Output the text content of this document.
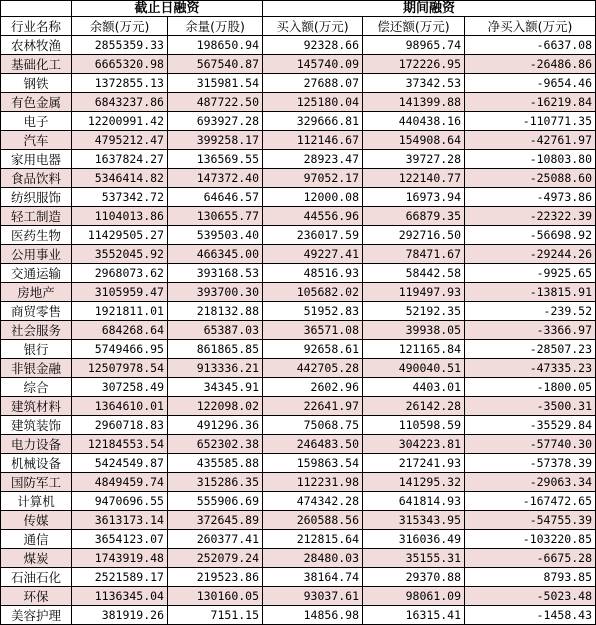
	截止日融资		期间融资		
行业名称	余额(万元)	余量(万股)	买入额(万元)	偿还额(万元)	净买入额(万元)
农林牧渔	2855359.33	198650.94	92328.66	98965.74	-6637.08
基础化工	6665320.98	567540.87	145740.09	172226.95	-26486.86
钢铁	1372855.13	315981.54	27688.07	37342.53	-9654.46
有色金属	6843237.86	487722.50	125180.04	141399.88	-16219.84
电子	12200991.42	693927.28	329666.81	440438.16	-110771.35
汽车	4795212.47	399258.17	112146.67	154908.64	-42761.97
家用电器	1637824.27	136569.55	28923.47	39727.28	-10803.80
食品饮料	5346414.82	147372.40	97052.17	122140.77	-25088.60
纺织服饰	537342.72	64646.57	12000.08	16973.94	-4973.86
轻工制造	1104013.86	130655.77	44556.96	66879.35	-22322.39
医药生物	11429505.27	539503.40	236017.59	292716.50	-56698.92
公用事业	3552045.92	466345.00	49227.41	78471.67	-29244.26
交通运输	2968073.62	393168.53	48516.93	58442.58	-9925.65
房地产	3105959.47	393700.30	105682.02	119497.93	-13815.91
商贸零售	1921811.01	218132.88	51952.83	52192.35	-239.52
社会服务	684268.64	65387.03	36571.08	39938.05	-3366.97
银行	5749466.95	861865.85	92658.61	121165.84	-28507.23
非银金融	12507978.54	913336.21	442705.28	490040.51	-47335.23
综合	307258.49	34345.91	2602.96	4403.01	-1800.05
建筑材料	1364610.01	122098.02	22641.97	26142.28	-3500.31
建筑装饰	2960718.83	491296.36	75068.75	110598.59	-35529.84
电力设备	12184553.54	652302.38	246483.50	304223.81	-57740.30
机械设备	5424549.87	435585.88	159863.54	217241.93	-57378.39
国防军工	4849459.74	315286.35	112231.98	141295.32	-29063.34
计算机	9470696.55	555906.69	474342.28	641814.93	-167472.65
传媒	3613173.14	372645.89	260588.56	315343.95	-54755.39
通信	3654123.07	260377.41	212815.64	316036.49	-103220.85
煤炭	1743919.48	252079.24	28480.03	35155.31	-6675.28
石油石化	2521589.17	219523.86	38164.74	29370.88	8793.85
环保	1136345.04	130160.05	93037.61	98061.09	-5023.48
美容护理	381919.26	7151.15	14856.98	16315.41	-1458.43
